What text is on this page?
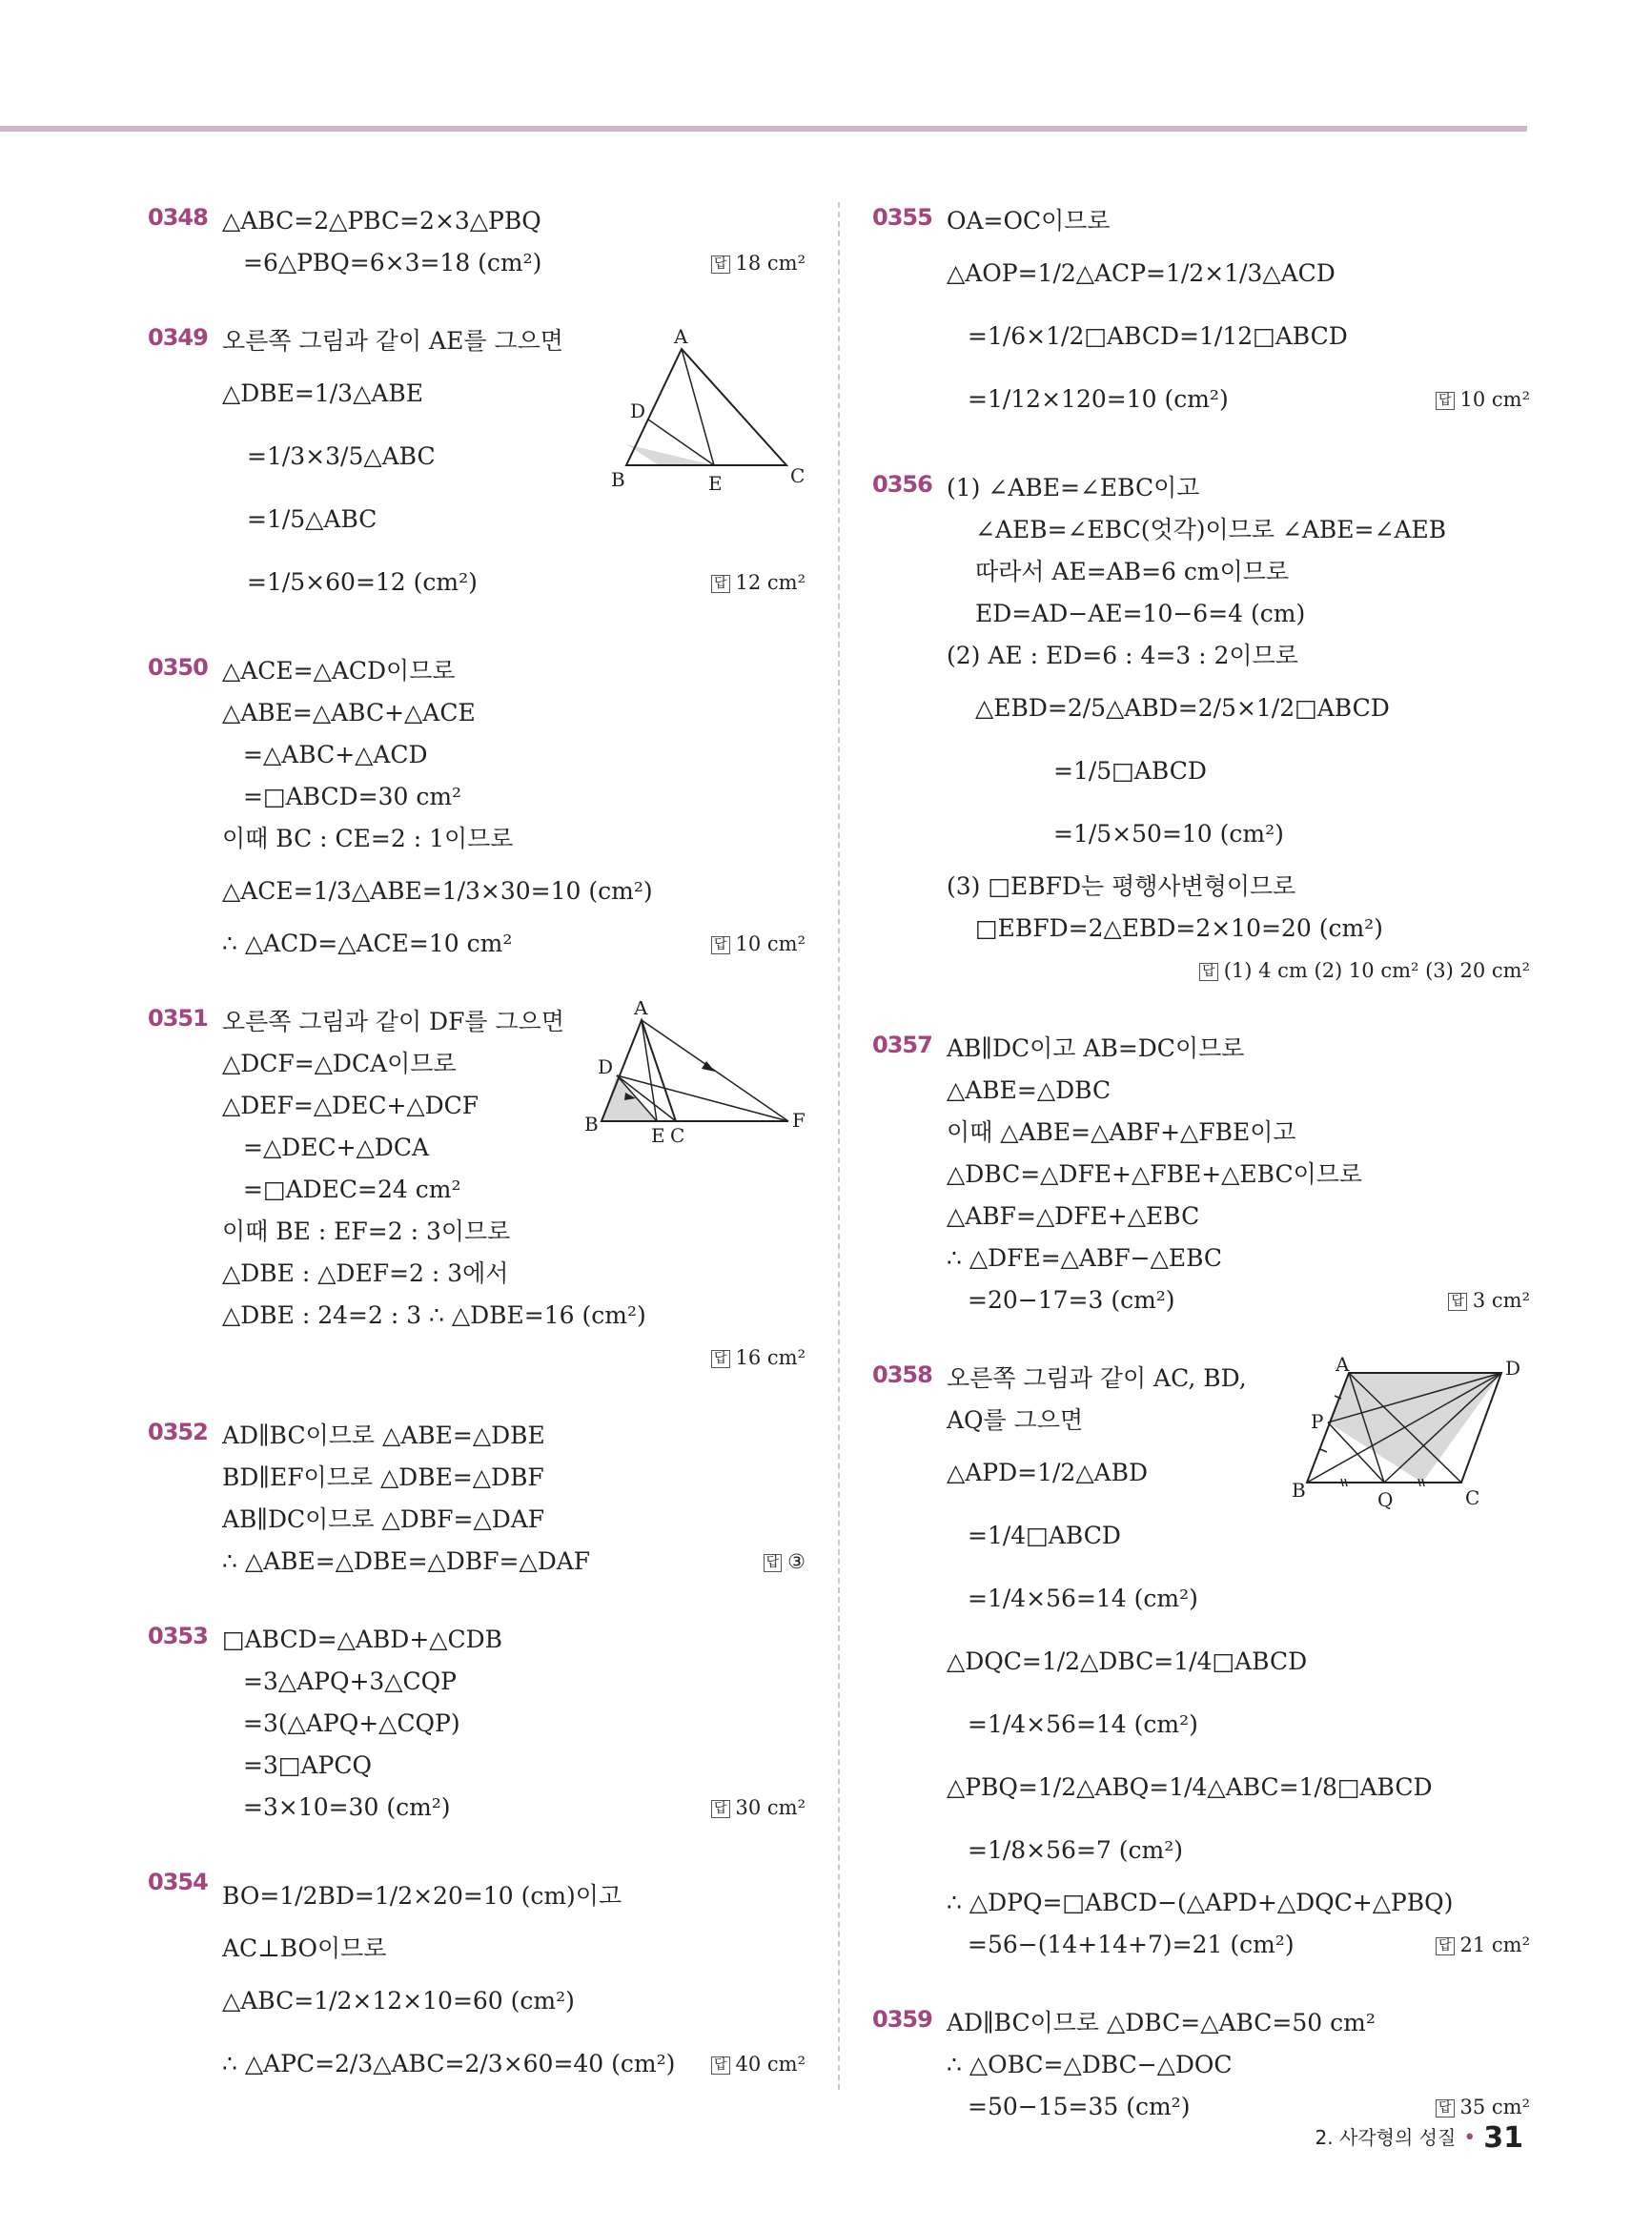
0348 △ABC=2△PBC=2×3△PBQ
=6△PBQ=6×3=18 (cm²)	답 18 cm²
0349 오른쪽 그림과 같이 AE를 그으면
△DBE=1/3△ABE
=1/3×3/5△ABC
=1/5△ABC
=1/5×60=12 (cm²)	답 12 cm²
A
B	C
D
E
0350 △ACE=△ACD이므로
△ABE=△ABC+△ACE
=△ABC+△ACD
=□ABCD=30 cm²
이때 BC : CE=2 : 1이므로
△ACE=1/3△ABE=1/3×30=10 (cm²)
∴ △ACD=△ACE=10 cm²	답 10 cm²
0351 오른쪽 그림과 같이 DF를 그으면
△DCF=△DCA이므로
△DEF=△DEC+△DCF
=△DEC+△DCA
=□ADEC=24 cm²
이때 BE : EF=2 : 3이므로
△DBE : △DEF=2 : 3에서
△DBE : 24=2 : 3 ∴ △DBE=16 (cm²)
답 16 cm²
A
B	C
D
E
F
0352 AD∥BC이므로 △ABE=△DBE
BD∥EF이므로 △DBE=△DBF
AB∥DC이므로 △DBF=△DAF
∴ △ABE=△DBE=△DBF=△DAF	답 ③
0353 □ABCD=△ABD+△CDB
=3△APQ+3△CQP
=3(△APQ+△CQP)
=3□APCQ
=3×10=30 (cm²)	답 30 cm²
0354 BO=1/2BD=1/2×20=10 (cm)이고
AC⊥BO이므로
△ABC=1/2×12×10=60 (cm²)
∴ △APC=2/3△ABC=2/3×60=40 (cm²)	답 40 cm²
0355 OA=OC이므로
△AOP=1/2△ACP=1/2×1/3△ACD
=1/6×1/2□ABCD=1/12□ABCD
=1/12×120=10 (cm²)	답 10 cm²
0356 (1) ∠ABE=∠EBC이고
∠AEB=∠EBC(엇각)이므로 ∠ABE=∠AEB
따라서 AE=AB=6 cm이므로
ED=AD−AE=10−6=4 (cm)
(2) AE : ED=6 : 4=3 : 2이므로
△EBD=2/5△ABD=2/5×1/2□ABCD
=1/5□ABCD
=1/5×50=10 (cm²)
(3) □EBFD는 평행사변형이므로
□EBFD=2△EBD=2×10=20 (cm²)
답 (1) 4 cm (2) 10 cm² (3) 20 cm²
0357 AB∥DC이고 AB=DC이므로
△ABE=△DBC
이때 △ABE=△ABF+△FBE이고
△DBC=△DFE+△FBE+△EBC이므로
△ABF=△DFE+△EBC
∴ △DFE=△ABF−△EBC
=20−17=3 (cm²)	답 3 cm²
0358 오른쪽 그림과 같이 AC, BD,
AQ를 그으면
△APD=1/2△ABD
=1/4□ABCD
=1/4×56=14 (cm²)
△DQC=1/2△DBC=1/4□ABCD
=1/4×56=14 (cm²)
△PBQ=1/2△ABQ=1/4△ABC=1/8□ABCD
=1/8×56=7 (cm²)
∴ △DPQ=□ABCD−(△APD+△DQC+△PBQ)
=56−(14+14+7)=21 (cm²)	답 21 cm²
A
B	C
D
P
Q
0359 AD∥BC이므로 △DBC=△ABC=50 cm²
∴ △OBC=△DBC−△DOC
=50−15=35 (cm²)	답 35 cm²
2. 사각형의 성질 • 31
